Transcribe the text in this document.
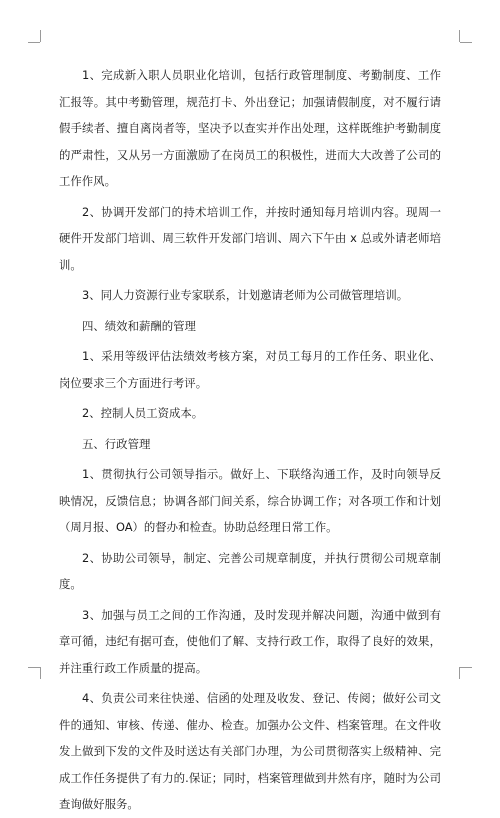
1、完成新入职人员职业化培训，包括行政管理制度、考勤制度、工作汇报等。其中考勤管理，规范打卡、外出登记；加强请假制度，对不履行请假手续者、擅自离岗者等，坚决予以查实并作出处理，这样既维护考勤制度的严肃性，又从另一方面激励了在岗员工的积极性，进而大大改善了公司的工作作风。

2、协调开发部门的持术培训工作，并按时通知每月培训内容。现周一硬件开发部门培训、周三软件开发部门培训、周六下午由 x 总或外请老师培训。

3、同人力资源行业专家联系，计划邀请老师为公司做管理培训。

四、绩效和薪酬的管理

1、采用等级评估法绩效考核方案，对员工每月的工作任务、职业化、岗位要求三个方面进行考评。

2、控制人员工资成本。

五、行政管理

1、贯彻执行公司领导指示。做好上、下联络沟通工作，及时向领导反映情况，反馈信息；协调各部门间关系，综合协调工作；对各项工作和计划（周月报、OA）的督办和检查。协助总经理日常工作。

2、协助公司领导，制定、完善公司规章制度，并执行贯彻公司规章制度。

3、加强与员工之间的工作沟通，及时发现并解决问题，沟通中做到有章可循，违纪有据可查，使他们了解、支持行政工作，取得了良好的效果，并注重行政工作质量的提高。

4、负责公司来往快递、信函的处理及收发、登记、传阅；做好公司文件的通知、审核、传递、催办、检查。加强办公文件、档案管理。在文件收发上做到下发的文件及时送达有关部门办理，为公司贯彻落实上级精神、完成工作任务提供了有力的.保证；同时，档案管理做到井然有序，随时为公司查询做好服务。
